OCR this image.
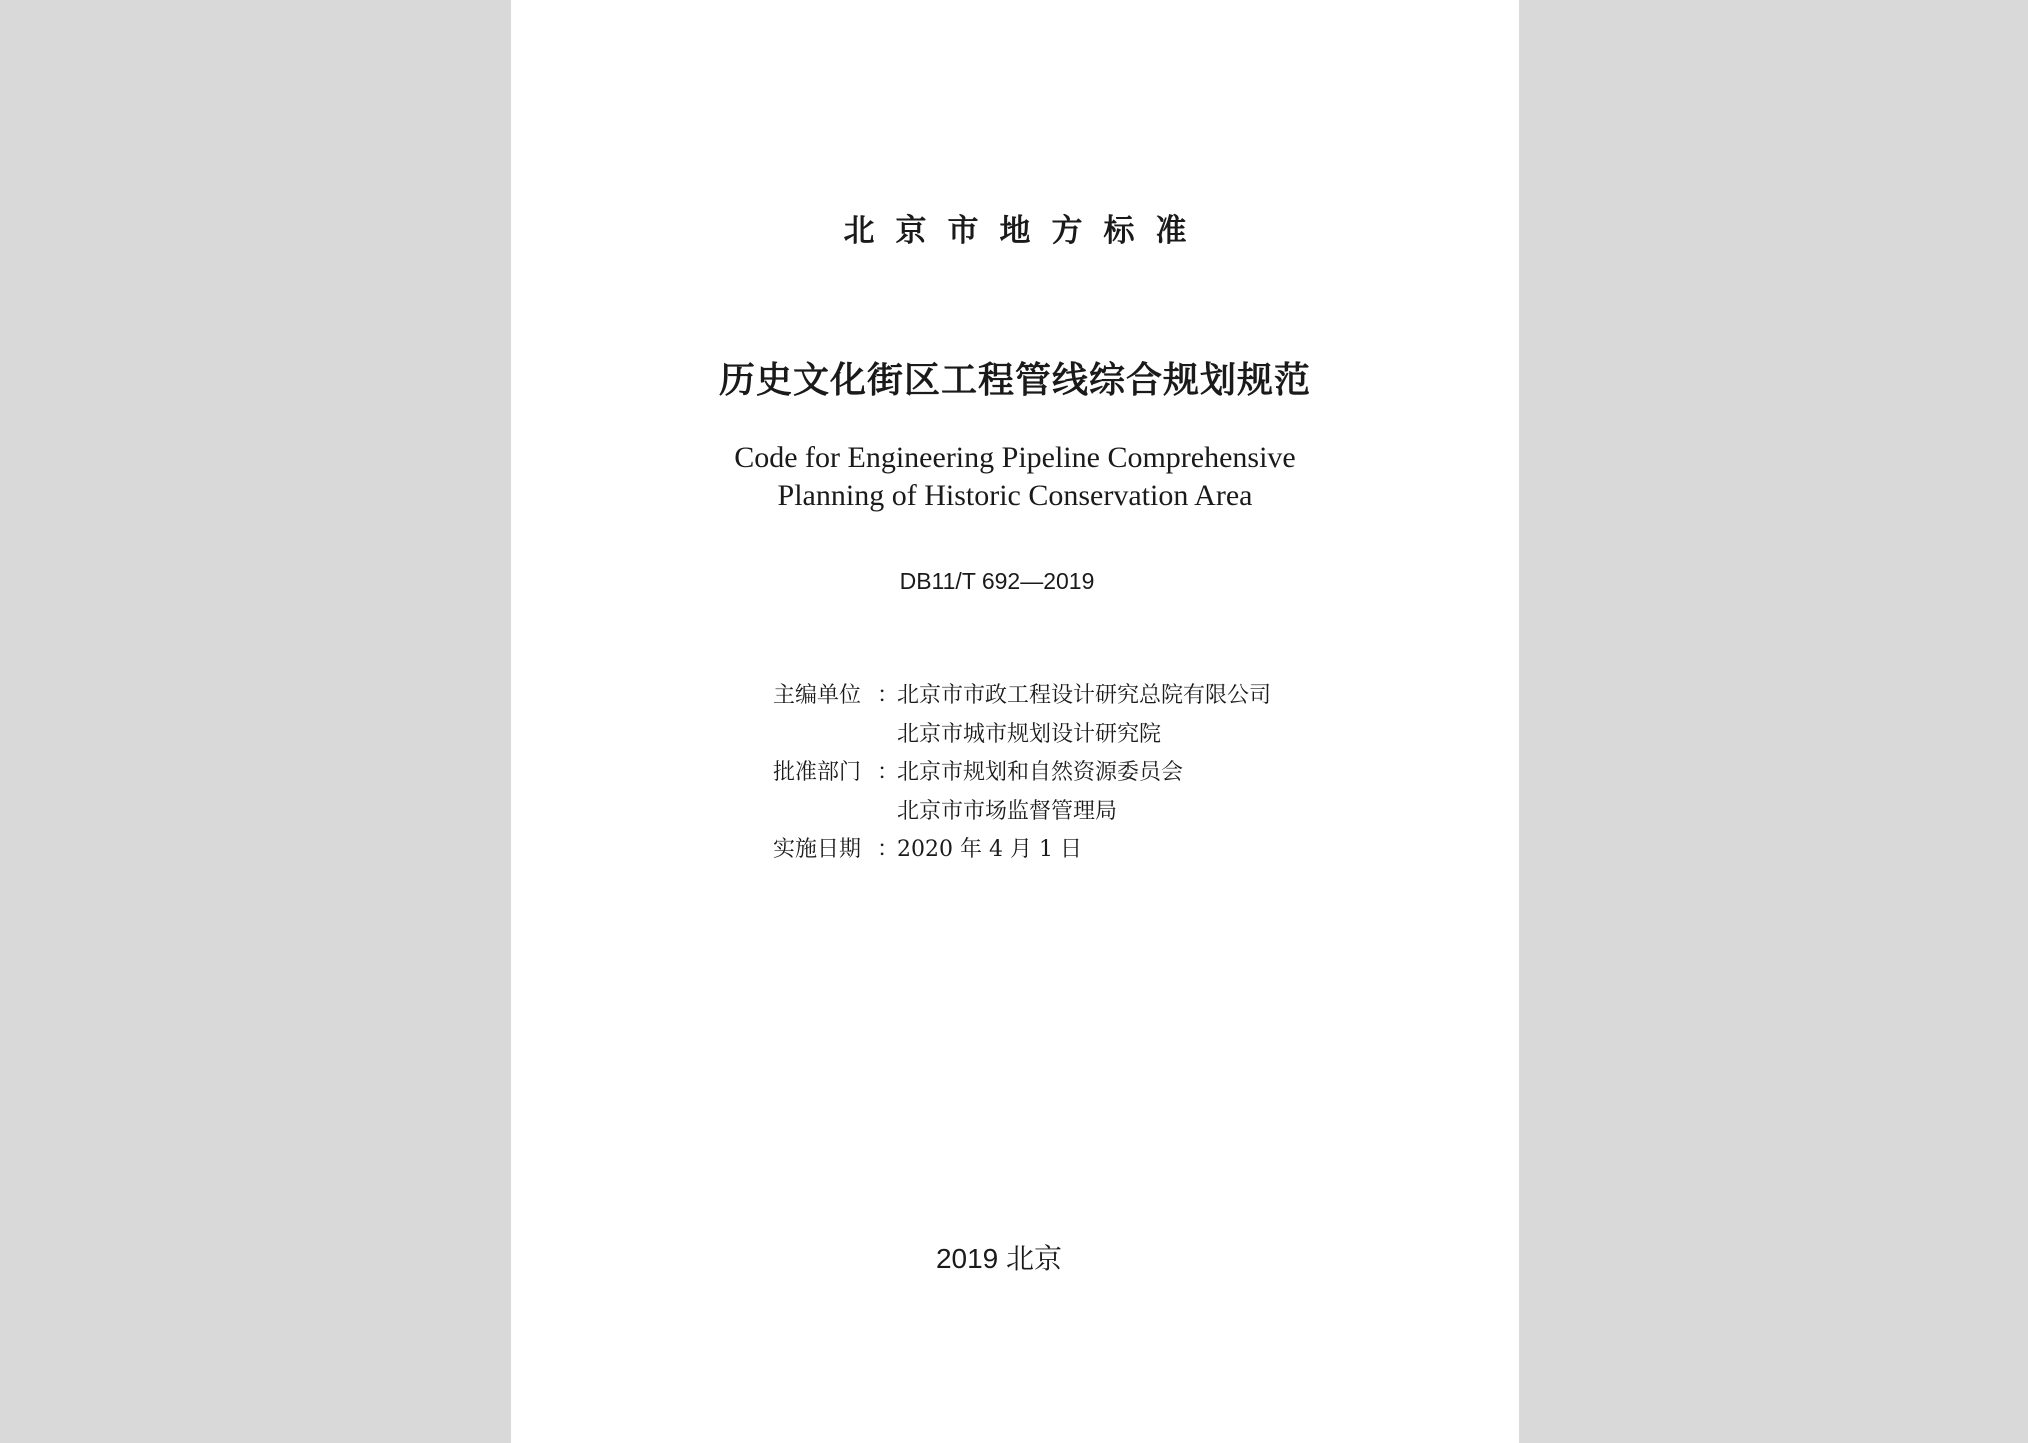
北京市地方标准
历史文化街区工程管线综合规划规范
Code for Engineering Pipeline Comprehensive
Planning of Historic Conservation Area
DB11/T 692—2019
主编单位 ：
北京市市政工程设计研究总院有限公司
北京市城市规划设计研究院
批准部门 ：
北京市规划和自然资源委员会
北京市市场监督管理局
实施日期 ：
2020 年 4 月 1 日
2019 北京
